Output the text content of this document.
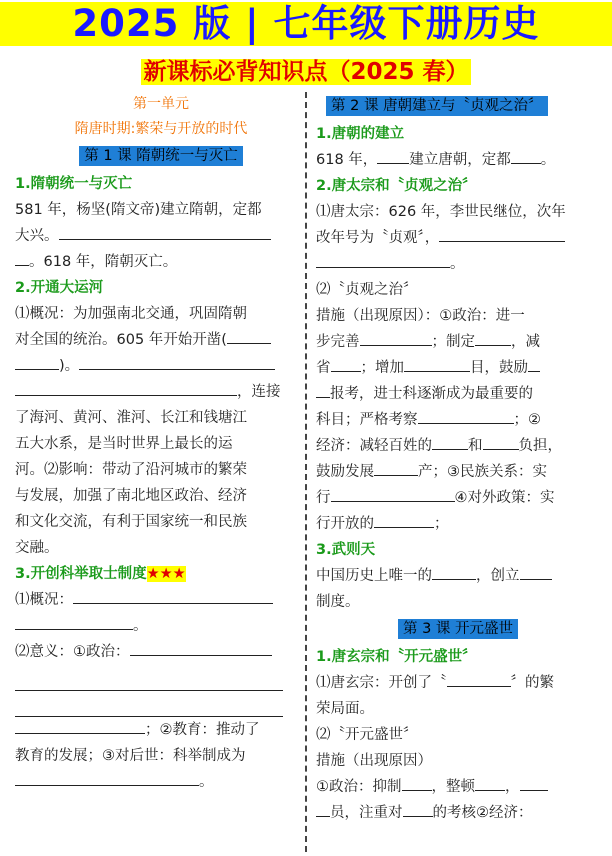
2025 版 | 七年级下册历史
新课标必背知识点（2025 春）
第一单元
隋唐时期:繁荣与开放的时代
第 1 课 隋朝统一与灭亡
1.隋朝统一与灭亡
581 年，杨坚(隋文帝)建立隋朝，定都
大兴。
。618 年，隋朝灭亡。
2.开通大运河
⑴概况：为加强南北交通，巩固隋朝
对全国的统治。605 年开始开凿(
)。
，连接
了海河、黄河、淮河、长江和钱塘江
五大水系，是当时世界上最长的运
河。⑵影响：带动了沿河城市的繁荣
与发展，加强了南北地区政治、经济
和文化交流，有利于国家统一和民族
交融。
3.开创科举取士制度★★★
⑴概况：
。
⑵意义：①政治：
；②教育：推动了
教育的发展；③对后世：科举制成为
。
第 2 课 唐朝建立与〝贞观之治〞
1.唐朝的建立
618 年， 建立唐朝，定都 。
2.唐太宗和〝贞观之治〞
⑴唐太宗：626 年，李世民继位，次年
改年号为〝贞观〞，
。
⑵〝贞观之治〞
措施（出现原因）：①政治：进一
步完善	；制定 ，减
省 ；增加	目，鼓励
报考，进士科逐渐成为最重要的
科目；严格考察	；②
经济：减轻百姓的 和 负担，
鼓励发展	产；③民族关系：实
行	④对外政策：实
行开放的	；
3.武则天
中国历史上唯一的	，创立
制度。
第 3 课 开元盛世
1.唐玄宗和〝开元盛世〞
⑴唐玄宗：开创了〝	〞的繁
荣局面。
⑵〝开元盛世〞
措施（出现原因）
①政治：抑制 ，整顿 ，
员，注重对 的考核②经济：
